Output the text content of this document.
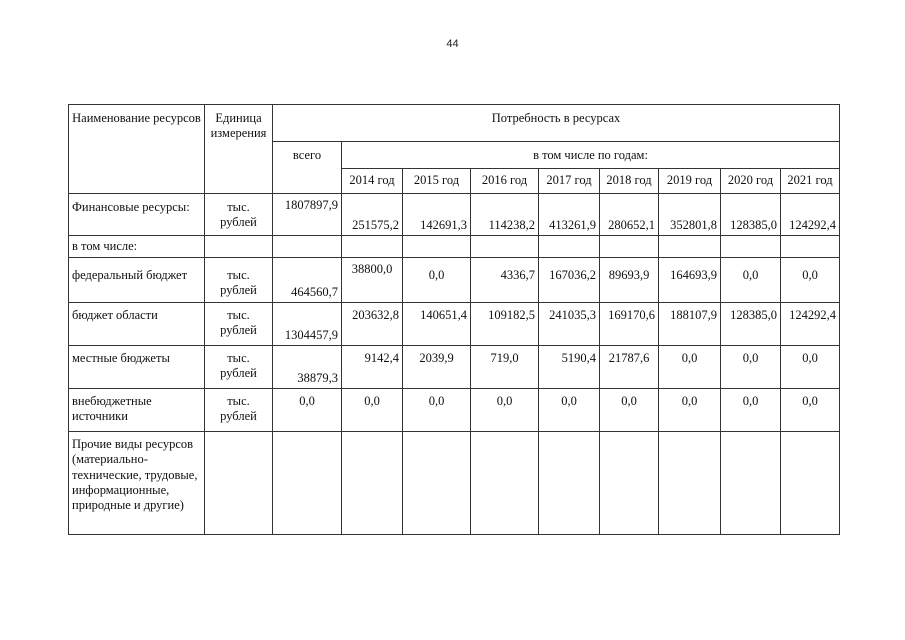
44
Наименование ресурсов	Единица измерения	Потребность в ресурсах								
		всего	в том числе по годам:							
			2014 год	2015 год	2016 год	2017 год	2018 год	2019 год	2020 год	2021 год
Финансовые ресурсы:	тыс. рублей	1807897,9	251575,2	142691,3	114238,2	413261,9	280652,1	352801,8	128385,0	124292,4
в том числе:										
федеральный бюджет	тыс. рублей	464560,7	38800,0	0,0	4336,7	167036,2	89693,9	164693,9	0,0	0,0
бюджет области	тыс. рублей	1304457,9	203632,8	140651,4	109182,5	241035,3	169170,6	188107,9	128385,0	124292,4
местные бюджеты	тыс. рублей	38879,3	9142,4	2039,9	719,0	5190,4	21787,6	0,0	0,0	0,0
внебюджетные источники	тыс. рублей	0,0	0,0	0,0	0,0	0,0	0,0	0,0	0,0	0,0
Прочие виды ресурсов (материально-технические, трудовые, информационные, природные и другие)										
